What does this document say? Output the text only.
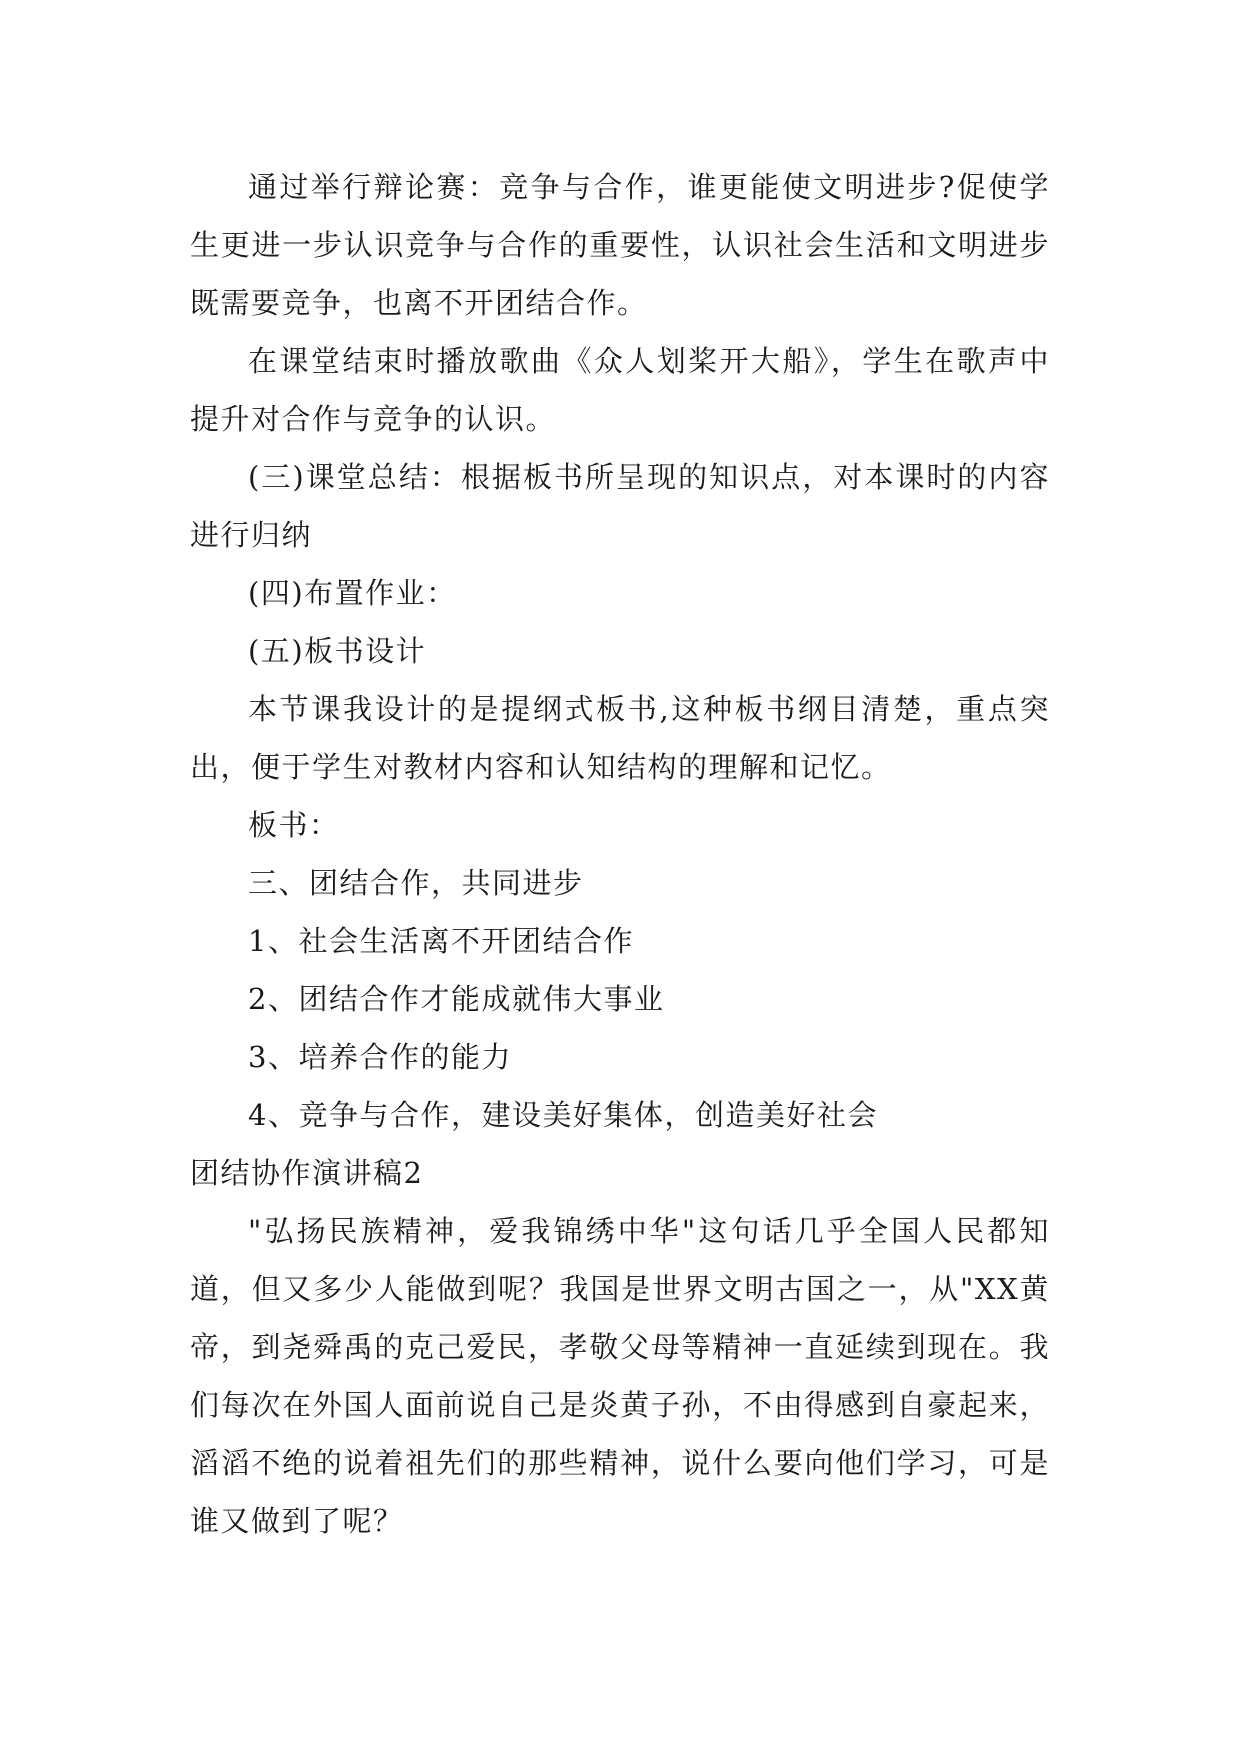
通过举行辩论赛：竞争与合作，谁更能使文明进步?促使学生更进一步认识竞争与合作的重要性，认识社会生活和文明进步既需要竞争，也离不开团结合作。

在课堂结束时播放歌曲《众人划桨开大船》，学生在歌声中提升对合作与竞争的认识。

(三)课堂总结：根据板书所呈现的知识点，对本课时的内容进行归纳

(四)布置作业：

(五)板书设计

本节课我设计的是提纲式板书,这种板书纲目清楚，重点突出，便于学生对教材内容和认知结构的理解和记忆。

板书：

三、团结合作，共同进步

1、社会生活离不开团结合作

2、团结合作才能成就伟大事业

3、培养合作的能力

4、竞争与合作，建设美好集体，创造美好社会

团结协作演讲稿2

"弘扬民族精神，爱我锦绣中华"这句话几乎全国人民都知道，但又多少人能做到呢？我国是世界文明古国之一，从"XX黄帝，到尧舜禹的克己爱民，孝敬父母等精神一直延续到现在。我们每次在外国人面前说自己是炎黄子孙，不由得感到自豪起来，滔滔不绝的说着祖先们的那些精神，说什么要向他们学习，可是谁又做到了呢？
